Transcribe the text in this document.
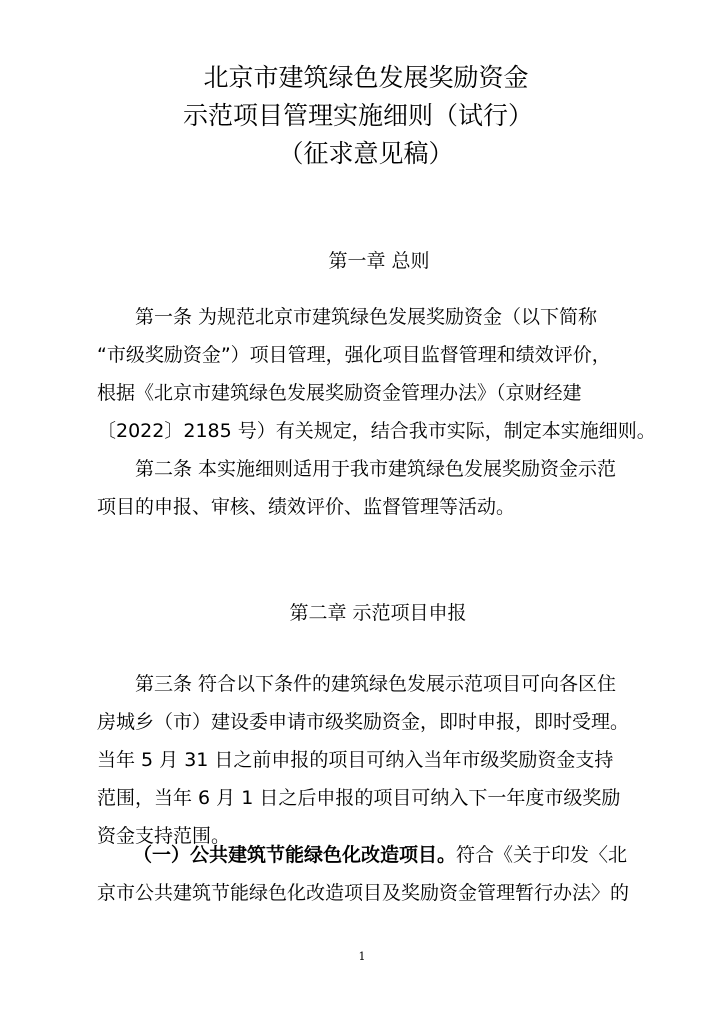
北京市建筑绿色发展奖励资金
示范项目管理实施细则（试行）
（征求意见稿）
第一章 总则
第一条 为规范北京市建筑绿色发展奖励资金（以下简称
“市级奖励资金”）项目管理，强化项目监督管理和绩效评价，
根据《北京市建筑绿色发展奖励资金管理办法》（京财经建
〔2022〕2185 号）有关规定，结合我市实际，制定本实施细则。
第二条 本实施细则适用于我市建筑绿色发展奖励资金示范
项目的申报、审核、绩效评价、监督管理等活动。
第二章 示范项目申报
第三条 符合以下条件的建筑绿色发展示范项目可向各区住
房城乡（市）建设委申请市级奖励资金，即时申报，即时受理。
当年 5 月 31 日之前申报的项目可纳入当年市级奖励资金支持
范围，当年 6 月 1 日之后申报的项目可纳入下一年度市级奖励
资金支持范围。
（一）公共建筑节能绿色化改造项目。符合《关于印发〈北
京市公共建筑节能绿色化改造项目及奖励资金管理暂行办法〉的
1
